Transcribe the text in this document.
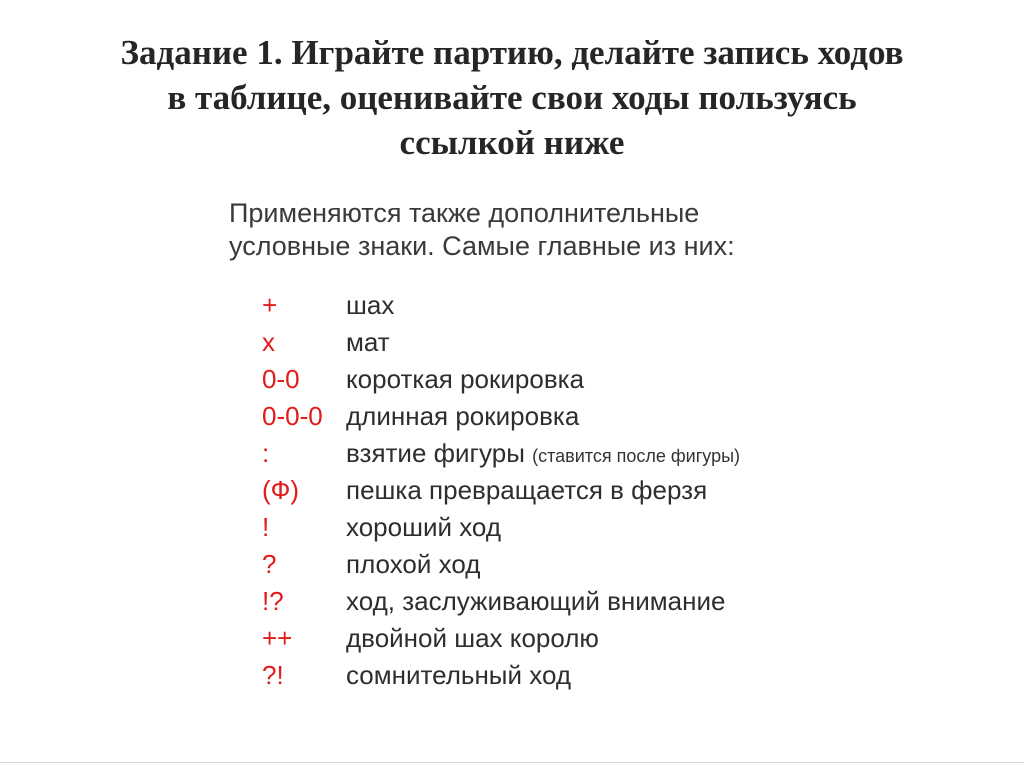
Задание 1. Играйте партию, делайте запись ходов
в таблице, оценивайте свои ходы пользуясь
ссылкой ниже

Применяются также дополнительные
условные знаки. Самые главные из них:

+	шах
x	мат
0-0	короткая рокировка
0-0-0 длинная рокировка
:	взятие фигуры (ставится после фигуры)
(Ф)	пешка превращается в ферзя
!	хороший ход
?	плохой ход
!?	ход, заслуживающий внимание
++	двойной шах королю
?!	сомнительный ход
